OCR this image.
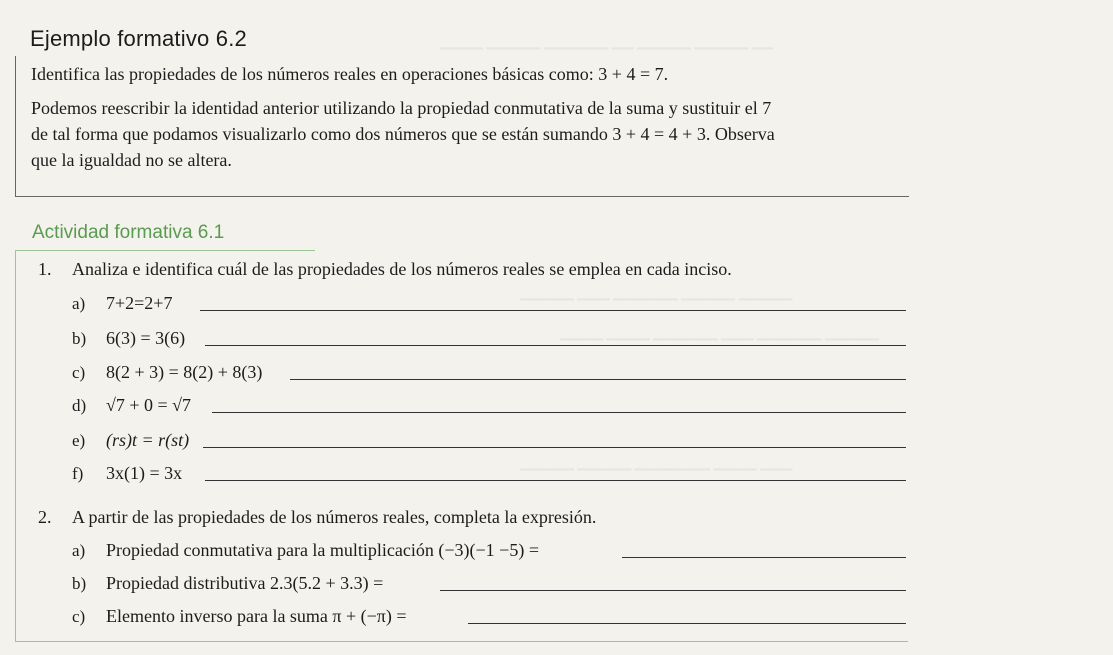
▁▁▁▁ ▁▁▁▁▁ ▁▁▁▁▁▁ ▁▁ ▁▁▁▁▁ ▁▁▁▁▁ ▁▁
▁▁▁▁▁ ▁▁▁ ▁▁▁▁▁▁ ▁▁▁▁▁ ▁▁▁▁▁
▁▁▁▁ ▁▁▁▁ ▁▁▁▁▁▁ ▁▁▁ ▁▁▁▁▁▁ ▁▁▁▁▁
▁▁▁▁▁ ▁▁▁▁▁ ▁▁▁▁▁▁▁ ▁▁▁▁ ▁▁▁
Ejemplo formativo 6.2
Identifica las propiedades de los números reales en operaciones básicas como: 3 + 4 = 7.
Podemos reescribir la identidad anterior utilizando la propiedad conmutativa de la suma y sustituir el 7
de tal forma que podamos visualizarlo como dos números que se están sumando 3 + 4 = 4 + 3. Observa
que la igualdad no se altera.
Actividad formativa 6.1
1. Analiza e identifica cuál de las propiedades de los números reales se emplea en cada inciso.
a) 7+2=2+7
b) 6(3) = 3(6)
c) 8(2 + 3) = 8(2) + 8(3)
d) √7 + 0 = √7
e) (rs)t = r(st)
f) 3x(1) = 3x
2. A partir de las propiedades de los números reales, completa la expresión.
a) Propiedad conmutativa para la multiplicación (−3)(−1 −5) =
b) Propiedad distributiva 2.3(5.2 + 3.3) =
c) Elemento inverso para la suma π + (−π) =
